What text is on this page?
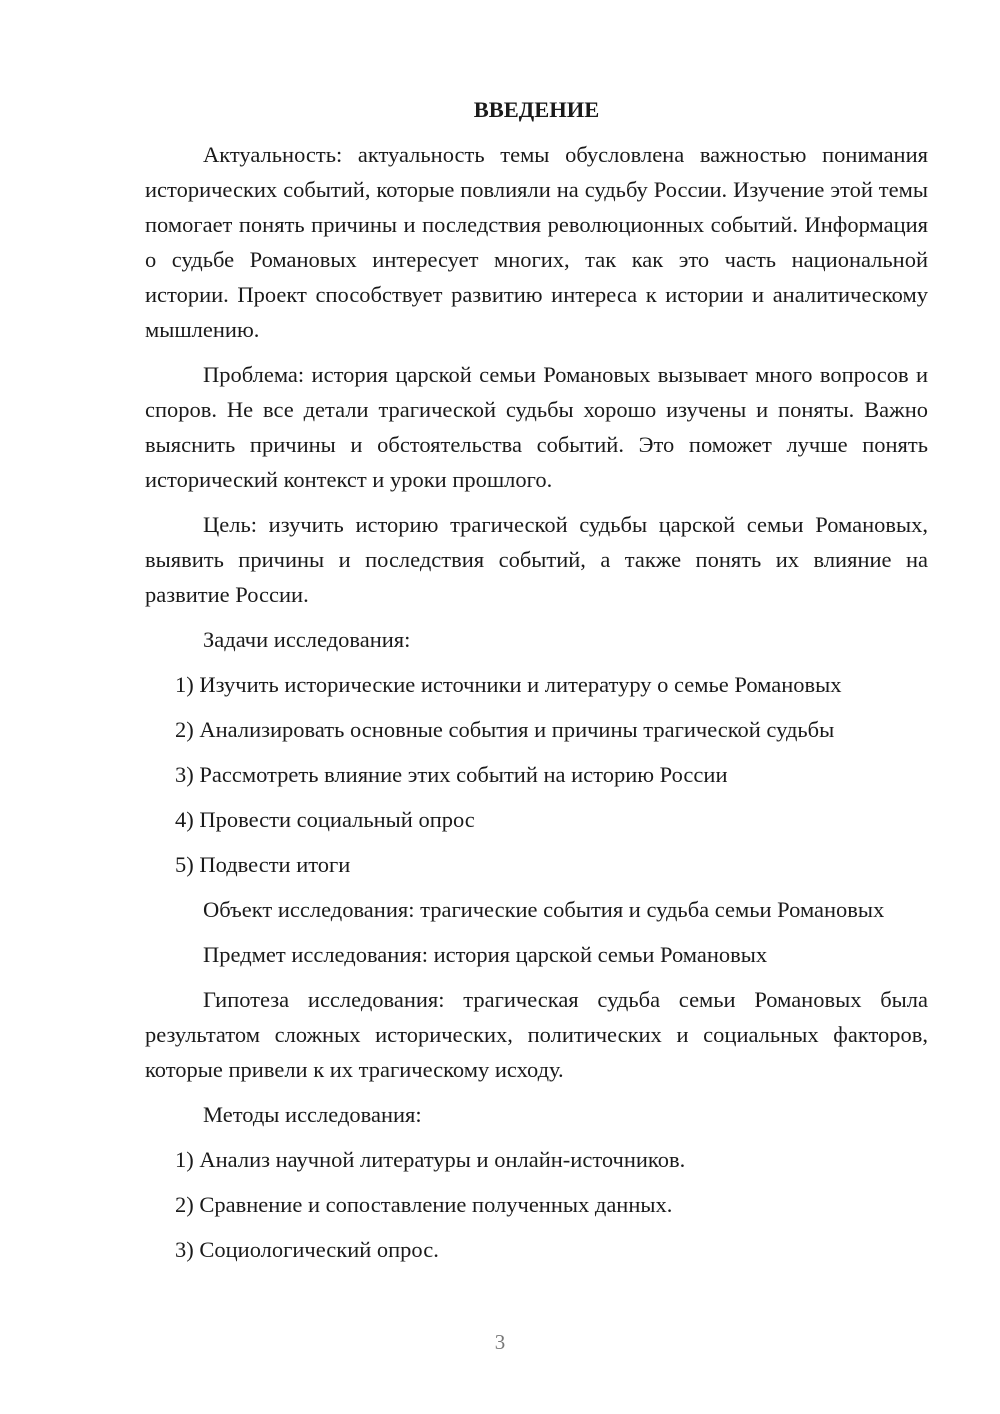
ВВЕДЕНИЕ

Актуальность: актуальность темы обусловлена важностью понимания исторических событий, которые повлияли на судьбу России. Изучение этой темы помогает понять причины и последствия революционных событий. Информация о судьбе Романовых интересует многих, так как это часть национальной истории. Проект способствует развитию интереса к истории и аналитическому мышлению.

Проблема: история царской семьи Романовых вызывает много вопросов и споров. Не все детали трагической судьбы хорошо изучены и поняты. Важно выяснить причины и обстоятельства событий. Это поможет лучше понять исторический контекст и уроки прошлого.

Цель: изучить историю трагической судьбы царской семьи Романовых, выявить причины и последствия событий, а также понять их влияние на развитие России.

Задачи исследования:

1) Изучить исторические источники и литературу о семье Романовых

2) Анализировать основные события и причины трагической судьбы

3) Рассмотреть влияние этих событий на историю России

4) Провести социальный опрос

5) Подвести итоги

Объект исследования: трагические события и судьба семьи Романовых

Предмет исследования: история царской семьи Романовых

Гипотеза исследования: трагическая судьба семьи Романовых была результатом сложных исторических, политических и социальных факторов, которые привели к их трагическому исходу.

Методы исследования:

1) Анализ научной литературы и онлайн-источников.

2) Сравнение и сопоставление полученных данных.

3) Социологический опрос.

3
